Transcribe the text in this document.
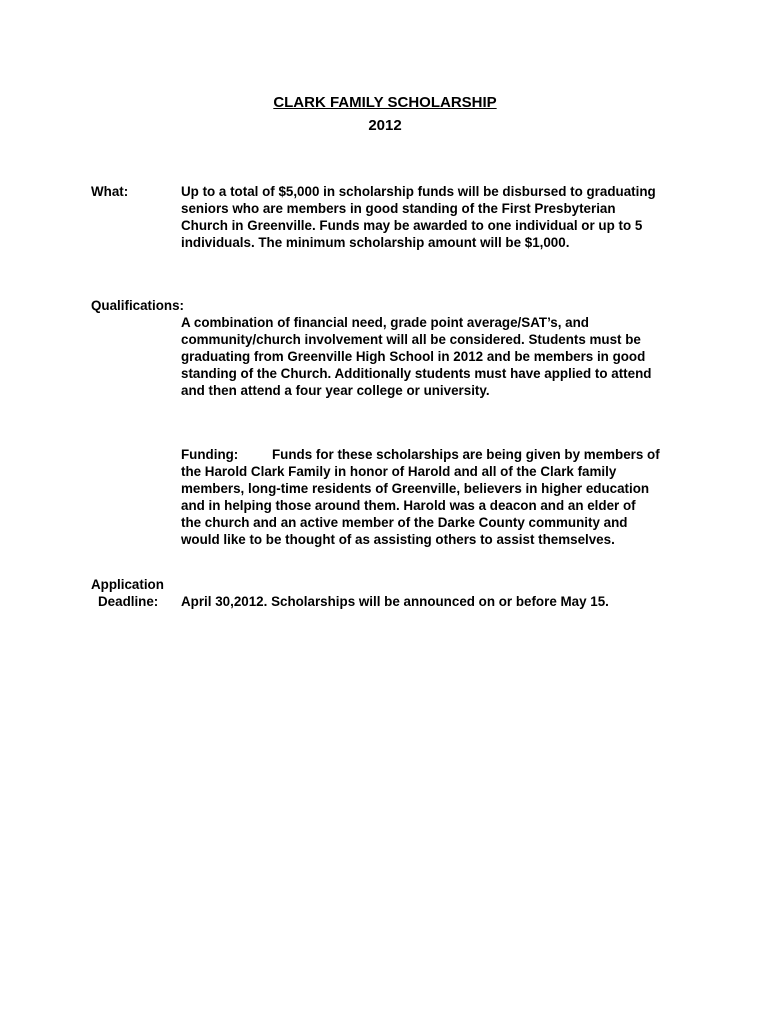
CLARK FAMILY SCHOLARSHIP
2012
What:	Up to a total of $5,000 in scholarship funds will be disbursed to graduating
seniors who are members in good standing of the First Presbyterian
Church in Greenville. Funds may be awarded to one individual or up to 5
individuals. The minimum scholarship amount will be $1,000.
Qualifications:
A combination of financial need, grade point average/SAT’s, and
community/church involvement will all be considered. Students must be
graduating from Greenville High School in 2012 and be members in good
standing of the Church. Additionally students must have applied to attend
and then attend a four year college or university.
Funding:	Funds for these scholarships are being given by members of
the Harold Clark Family in honor of Harold and all of the Clark family
members, long-time residents of Greenville, believers in higher education
and in helping those around them. Harold was a deacon and an elder of
the church and an active member of the Darke County community and
would like to be thought of as assisting others to assist themselves.
Application
Deadline: April 30,2012. Scholarships will be announced on or before May 15.
